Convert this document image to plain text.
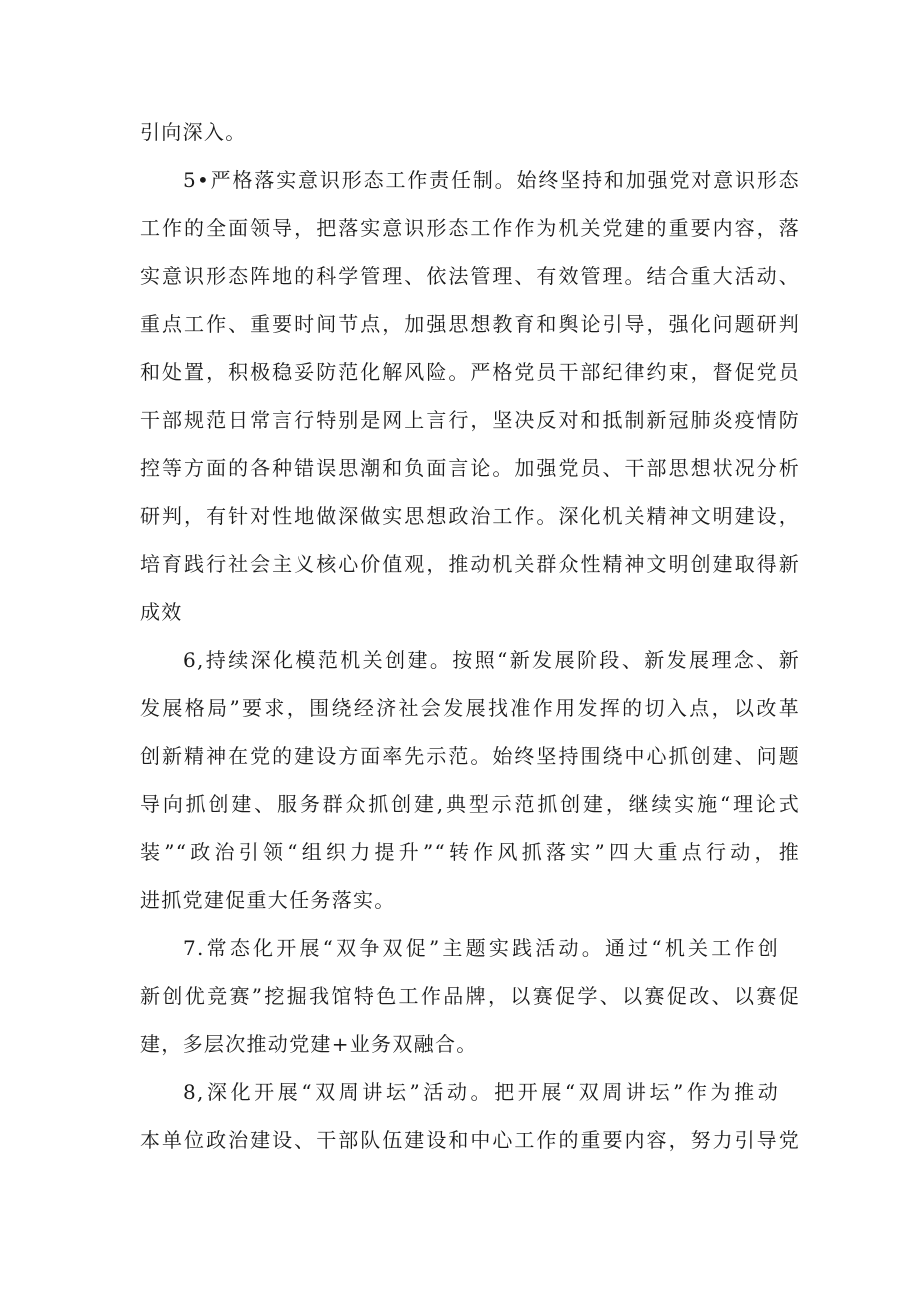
引向深入。
5•严格落实意识形态工作责任制。始终坚持和加强党对意识形态
工作的全面领导，把落实意识形态工作作为机关党建的重要内容，落
实意识形态阵地的科学管理、依法管理、有效管理。结合重大活动、
重点工作、重要时间节点，加强思想教育和舆论引导，强化问题研判
和处置，积极稳妥防范化解风险。严格党员干部纪律约束，督促党员
干部规范日常言行特别是网上言行，坚决反对和抵制新冠肺炎疫情防
控等方面的各种错误思潮和负面言论。加强党员、干部思想状况分析
研判，有针对性地做深做实思想政治工作。深化机关精神文明建设，
培育践行社会主义核心价值观，推动机关群众性精神文明创建取得新
成效
6,持续深化模范机关创建。按照“新发展阶段、新发展理念、新
发展格局”要求，围绕经济社会发展找准作用发挥的切入点，以改革
创新精神在党的建设方面率先示范。始终坚持围绕中心抓创建、问题
导向抓创建、服务群众抓创建,典型示范抓创建，继续实施“理论式
装”“政治引领“组织力提升”“转作风抓落实”四大重点行动，推
进抓党建促重大任务落实。
7.常态化开展“双争双促”主题实践活动。通过“机关工作创
新创优竞赛”挖掘我馆特色工作品牌，以赛促学、以赛促改、以赛促
建，多层次推动党建+业务双融合。
8,深化开展“双周讲坛”活动。把开展“双周讲坛”作为推动
本单位政治建设、干部队伍建设和中心工作的重要内容，努力引导党
